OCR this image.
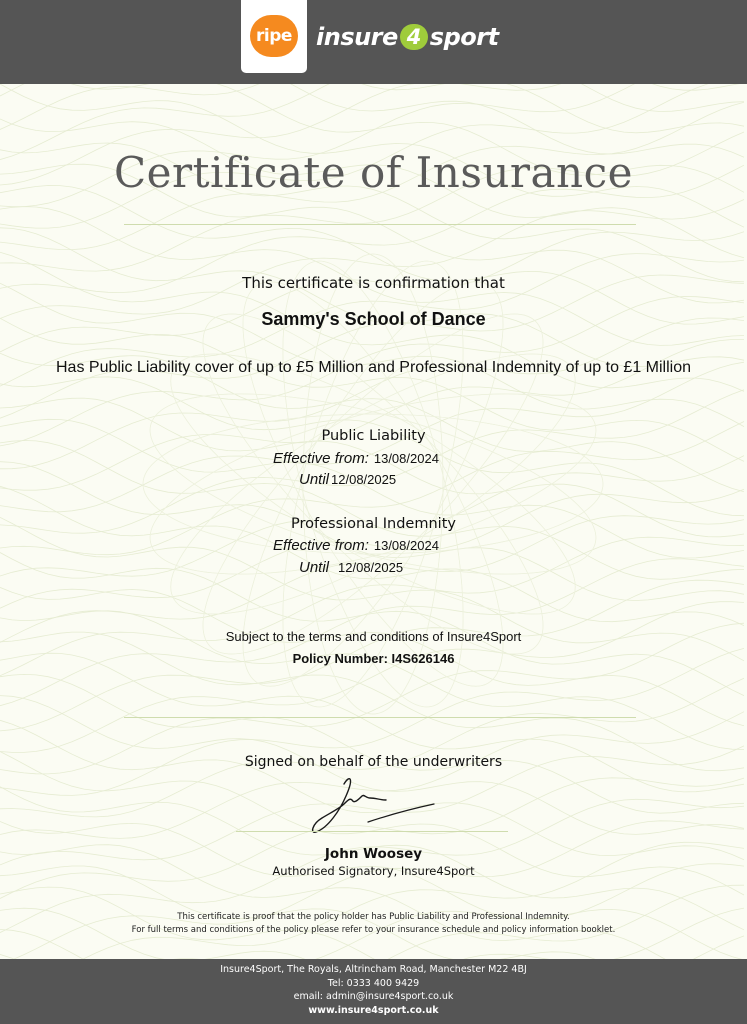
ripe insure 4 sport
Certificate of Insurance
This certificate is confirmation that
Sammy's School of Dance
Has Public Liability cover of up to £5 Million and Professional Indemnity of up to £1 Million
Public Liability
Effective from: 13/08/2024
Until 12/08/2025
Professional Indemnity
Effective from: 13/08/2024
Until 12/08/2025
Subject to the terms and conditions of Insure4Sport
Policy Number: I4S626146
Signed on behalf of the underwriters
John Woosey
Authorised Signatory, Insure4Sport
This certificate is proof that the policy holder has Public Liability and Professional Indemnity.
For full terms and conditions of the policy please refer to your insurance schedule and policy information booklet.
Insure4Sport, The Royals, Altrincham Road, Manchester M22 4BJ
Tel: 0333 400 9429
email: admin@insure4sport.co.uk
www.insure4sport.co.uk
